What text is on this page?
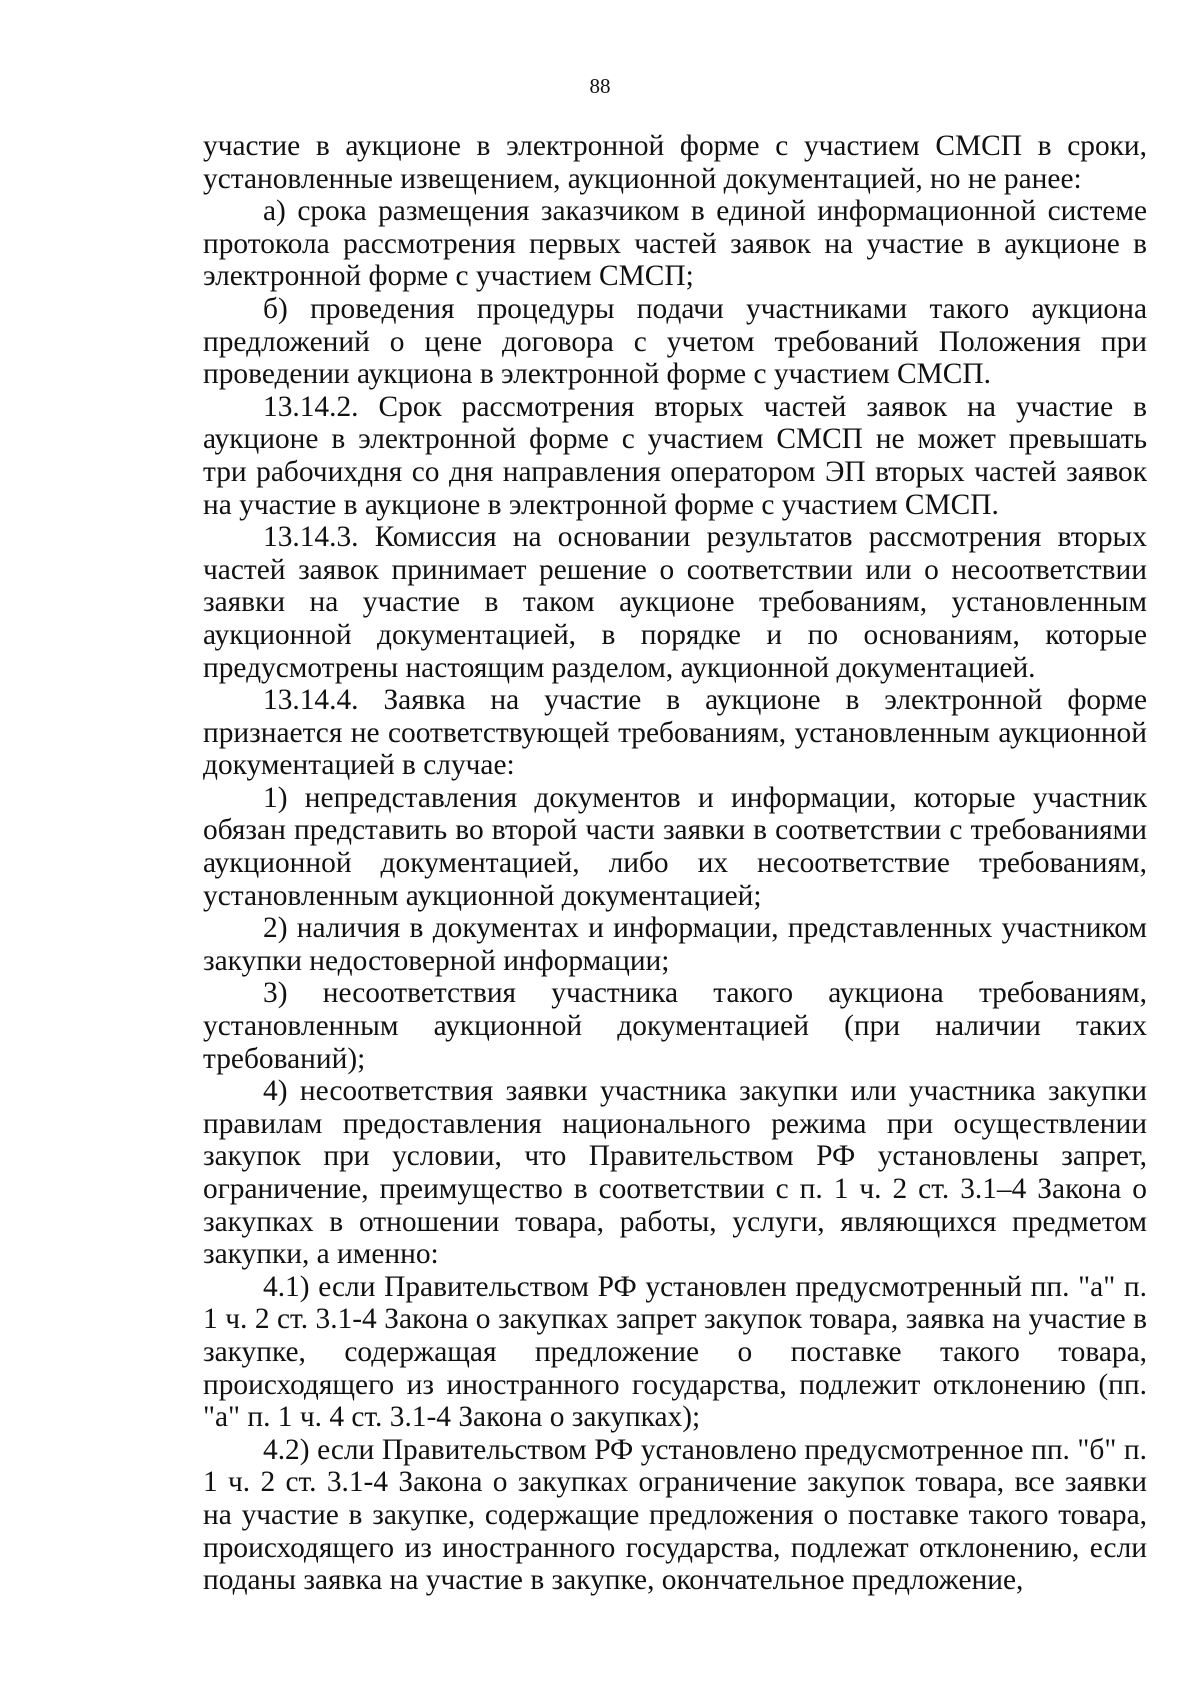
88

участие в аукционе в электронной форме с участием СМСП в сроки, установленные извещением, аукционной документацией, но не ранее:

а) срока размещения заказчиком в единой информационной системе протокола рассмотрения первых частей заявок на участие в аукционе в электронной форме с участием СМСП;

б) проведения процедуры подачи участниками такого аукциона предложений о цене договора с учетом требований Положения при проведении аукциона в электронной форме с участием СМСП.

13.14.2. Срок рассмотрения вторых частей заявок на участие в аукционе в электронной форме с участием СМСП не может превышать три рабочихдня со дня направления оператором ЭП вторых частей заявок на участие в аукционе в электронной форме с участием СМСП.

13.14.3. Комиссия на основании результатов рассмотрения вторых частей заявок принимает решение о соответствии или о несоответствии заявки на участие в таком аукционе требованиям, установленным аукционной документацией, в порядке и по основаниям, которые предусмотрены настоящим разделом, аукционной документацией.

13.14.4. Заявка на участие в аукционе в электронной форме признается не соответствующей требованиям, установленным аукционной документацией в случае:

1) непредставления документов и информации, которые участник обязан представить во второй части заявки в соответствии с требованиями аукционной документацией, либо их несоответствие требованиям, установленным аукционной документацией;

2) наличия в документах и информации, представленных участником закупки недостоверной информации;

3) несоответствия участника такого аукциона требованиям, установленным аукционной документацией (при наличии таких требований);

4) несоответствия заявки участника закупки или участника закупки правилам предоставления национального режима при осуществлении закупок при условии, что Правительством РФ установлены запрет, ограничение, преимущество в соответствии с п. 1 ч. 2 ст. 3.1–4 Закона о закупках в отношении товара, работы, услуги, являющихся предметом закупки, а именно:

4.1) если Правительством РФ установлен предусмотренный пп. "а" п. 1 ч. 2 ст. 3.1-4 Закона о закупках запрет закупок товара, заявка на участие в закупке, содержащая предложение о поставке такого товара, происходящего из иностранного государства, подлежит отклонению (пп. "а" п. 1 ч. 4 ст. 3.1-4 Закона о закупках);

4.2) если Правительством РФ установлено предусмотренное пп. "б" п. 1 ч. 2 ст. 3.1-4 Закона о закупках ограничение закупок товара, все заявки на участие в закупке, содержащие предложения о поставке такого товара, происходящего из иностранного государства, подлежат отклонению, если поданы заявка на участие в закупке, окончательное предложение,
